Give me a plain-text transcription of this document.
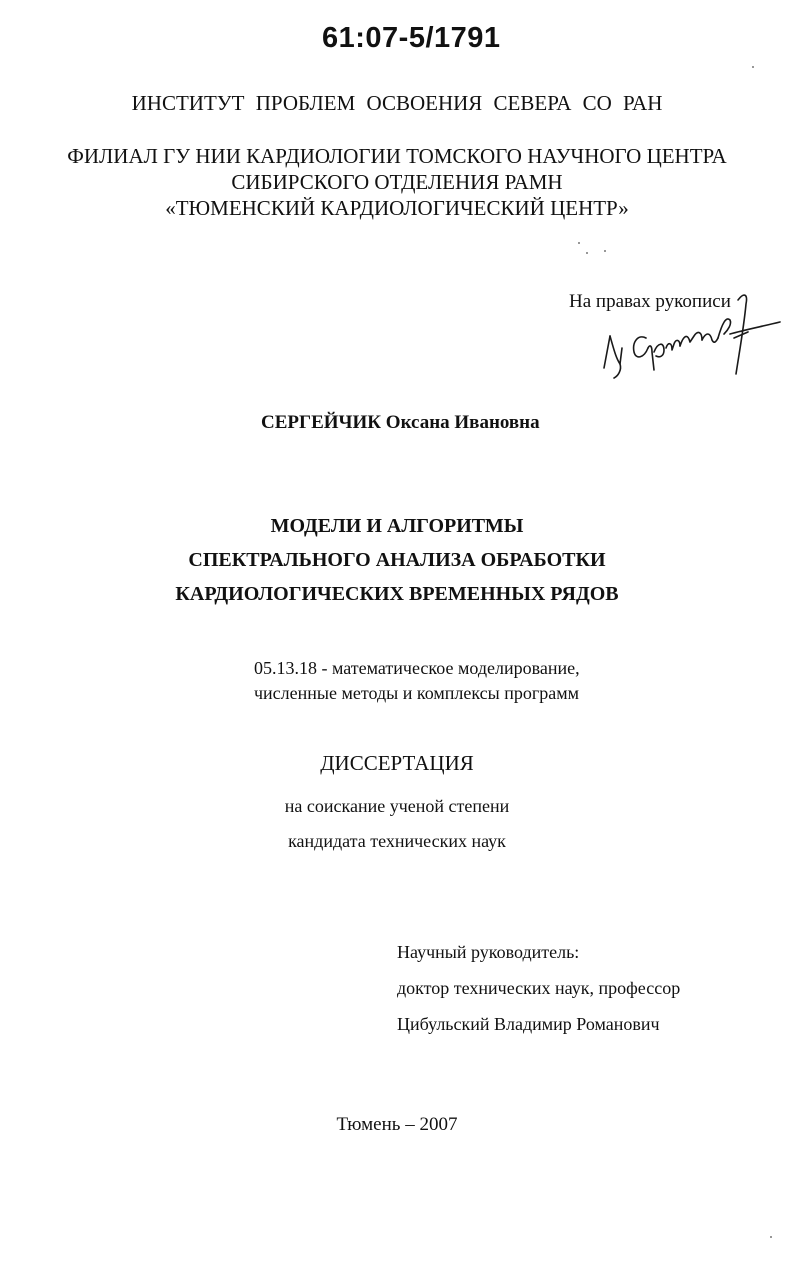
61:07-5/1791
ИНСТИТУТ ПРОБЛЕМ ОСВОЕНИЯ СЕВЕРА СО РАН
ФИЛИАЛ ГУ НИИ КАРДИОЛОГИИ ТОМСКОГО НАУЧНОГО ЦЕНТРА
СИБИРСКОГО ОТДЕЛЕНИЯ РАМН
«ТЮМЕНСКИЙ КАРДИОЛОГИЧЕСКИЙ ЦЕНТР»
На правах рукописи
СЕРГЕЙЧИК Оксана Ивановна
МОДЕЛИ И АЛГОРИТМЫ
СПЕКТРАЛЬНОГО АНАЛИЗА ОБРАБОТКИ
КАРДИОЛОГИЧЕСКИХ ВРЕМЕННЫХ РЯДОВ
05.13.18 - математическое моделирование,
численные методы и комплексы программ
ДИССЕРТАЦИЯ
на соискание ученой степени
кандидата технических наук
Научный руководитель:
доктор технических наук, профессор
Цибульский Владимир Романович
Тюмень – 2007
